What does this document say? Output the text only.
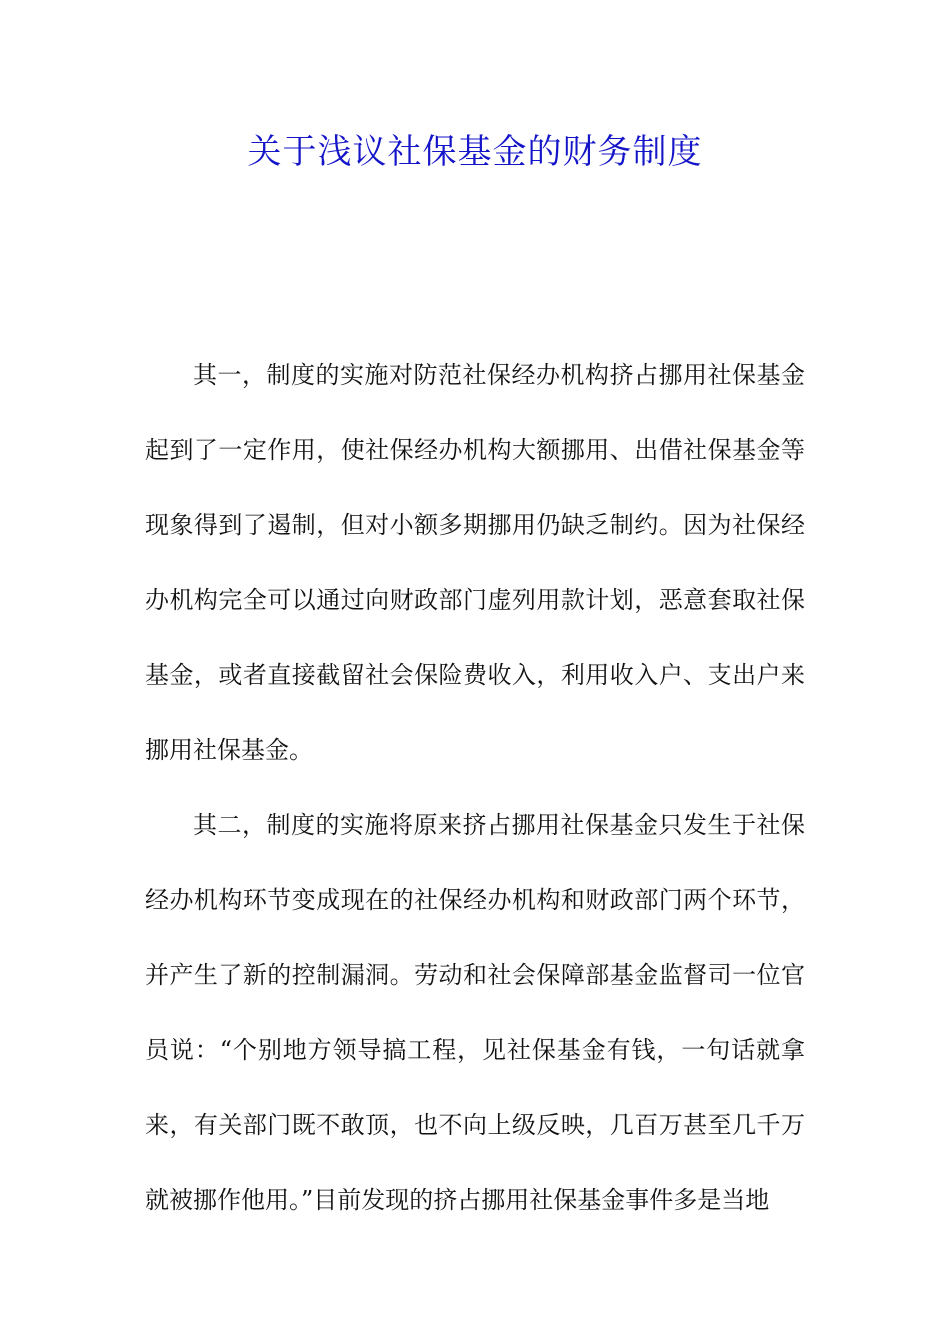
关于浅议社保基金的财务制度

其一，制度的实施对防范社保经办机构挤占挪用社保基金起到了一定作用，使社保经办机构大额挪用、出借社保基金等现象得到了遏制，但对小额多期挪用仍缺乏制约。因为社保经办机构完全可以通过向财政部门虚列用款计划，恶意套取社保基金，或者直接截留社会保险费收入，利用收入户、支出户来挪用社保基金。

其二，制度的实施将原来挤占挪用社保基金只发生于社保经办机构环节变成现在的社保经办机构和财政部门两个环节，并产生了新的控制漏洞。劳动和社会保障部基金监督司一位官员说：“个别地方领导搞工程，见社保基金有钱，一句话就拿来，有关部门既不敢顶，也不向上级反映，几百万甚至几千万就被挪作他用。”目前发现的挤占挪用社保基金事件多是当地
